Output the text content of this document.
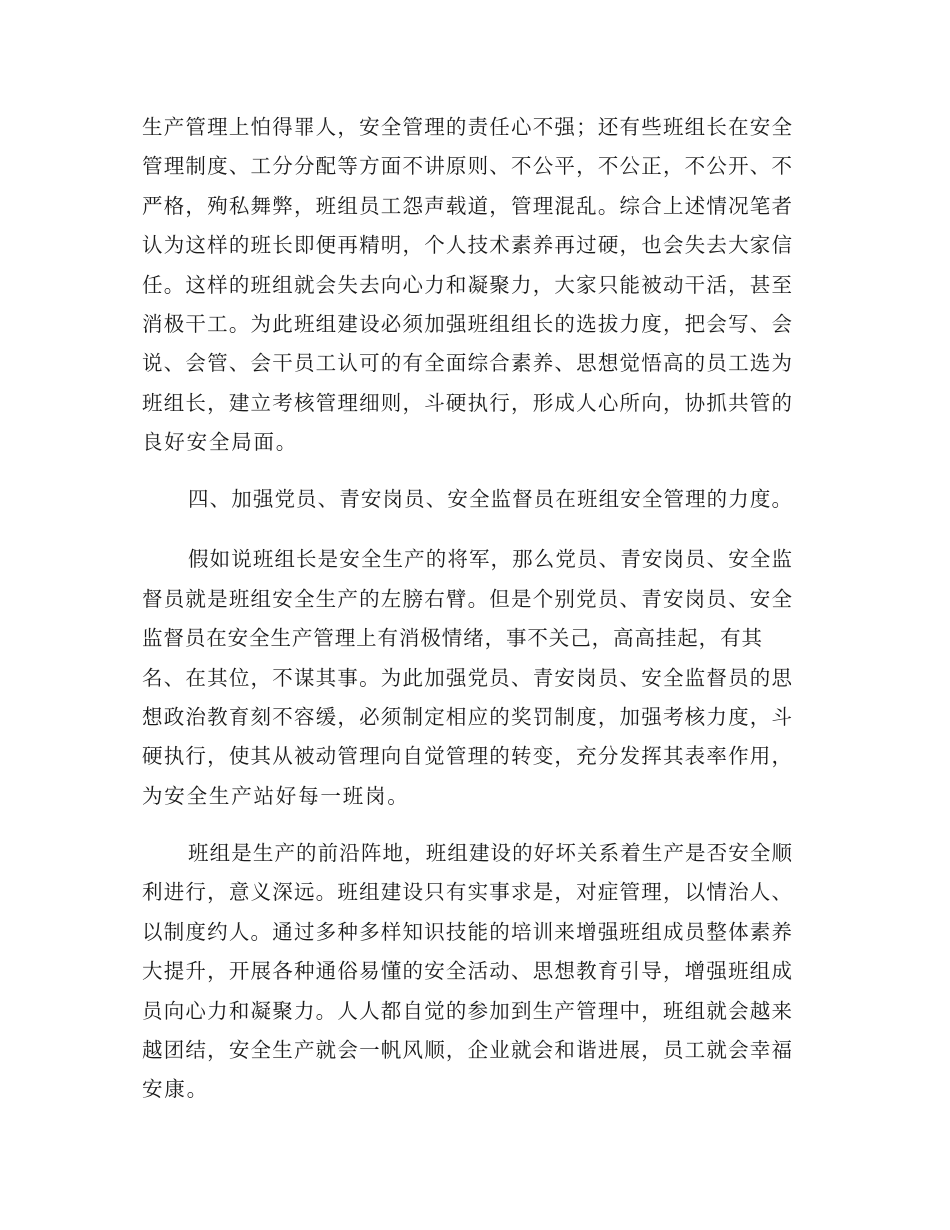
生产管理上怕得罪人，安全管理的责任心不强；还有些班组长在安全
管理制度、工分分配等方面不讲原则、不公平，不公正，不公开、不
严格，殉私舞弊，班组员工怨声载道，管理混乱。综合上述情况笔者
认为这样的班长即便再精明，个人技术素养再过硬，也会失去大家信
任。这样的班组就会失去向心力和凝聚力，大家只能被动干活，甚至
消极干工。为此班组建设必须加强班组组长的选拔力度，把会写、会
说、会管、会干员工认可的有全面综合素养、思想觉悟高的员工选为
班组长，建立考核管理细则，斗硬执行，形成人心所向，协抓共管的
良好安全局面。
四、加强党员、青安岗员、安全监督员在班组安全管理的力度。
假如说班组长是安全生产的将军，那么党员、青安岗员、安全监
督员就是班组安全生产的左膀右臂。但是个别党员、青安岗员、安全
监督员在安全生产管理上有消极情绪，事不关己，高高挂起，有其
名、在其位，不谋其事。为此加强党员、青安岗员、安全监督员的思
想政治教育刻不容缓，必须制定相应的奖罚制度，加强考核力度，斗
硬执行，使其从被动管理向自觉管理的转变，充分发挥其表率作用，
为安全生产站好每一班岗。
班组是生产的前沿阵地，班组建设的好坏关系着生产是否安全顺
利进行，意义深远。班组建设只有实事求是，对症管理，以情治人、
以制度约人。通过多种多样知识技能的培训来增强班组成员整体素养
大提升，开展各种通俗易懂的安全活动、思想教育引导，增强班组成
员向心力和凝聚力。人人都自觉的参加到生产管理中，班组就会越来
越团结，安全生产就会一帆风顺，企业就会和谐进展，员工就会幸福
安康。
